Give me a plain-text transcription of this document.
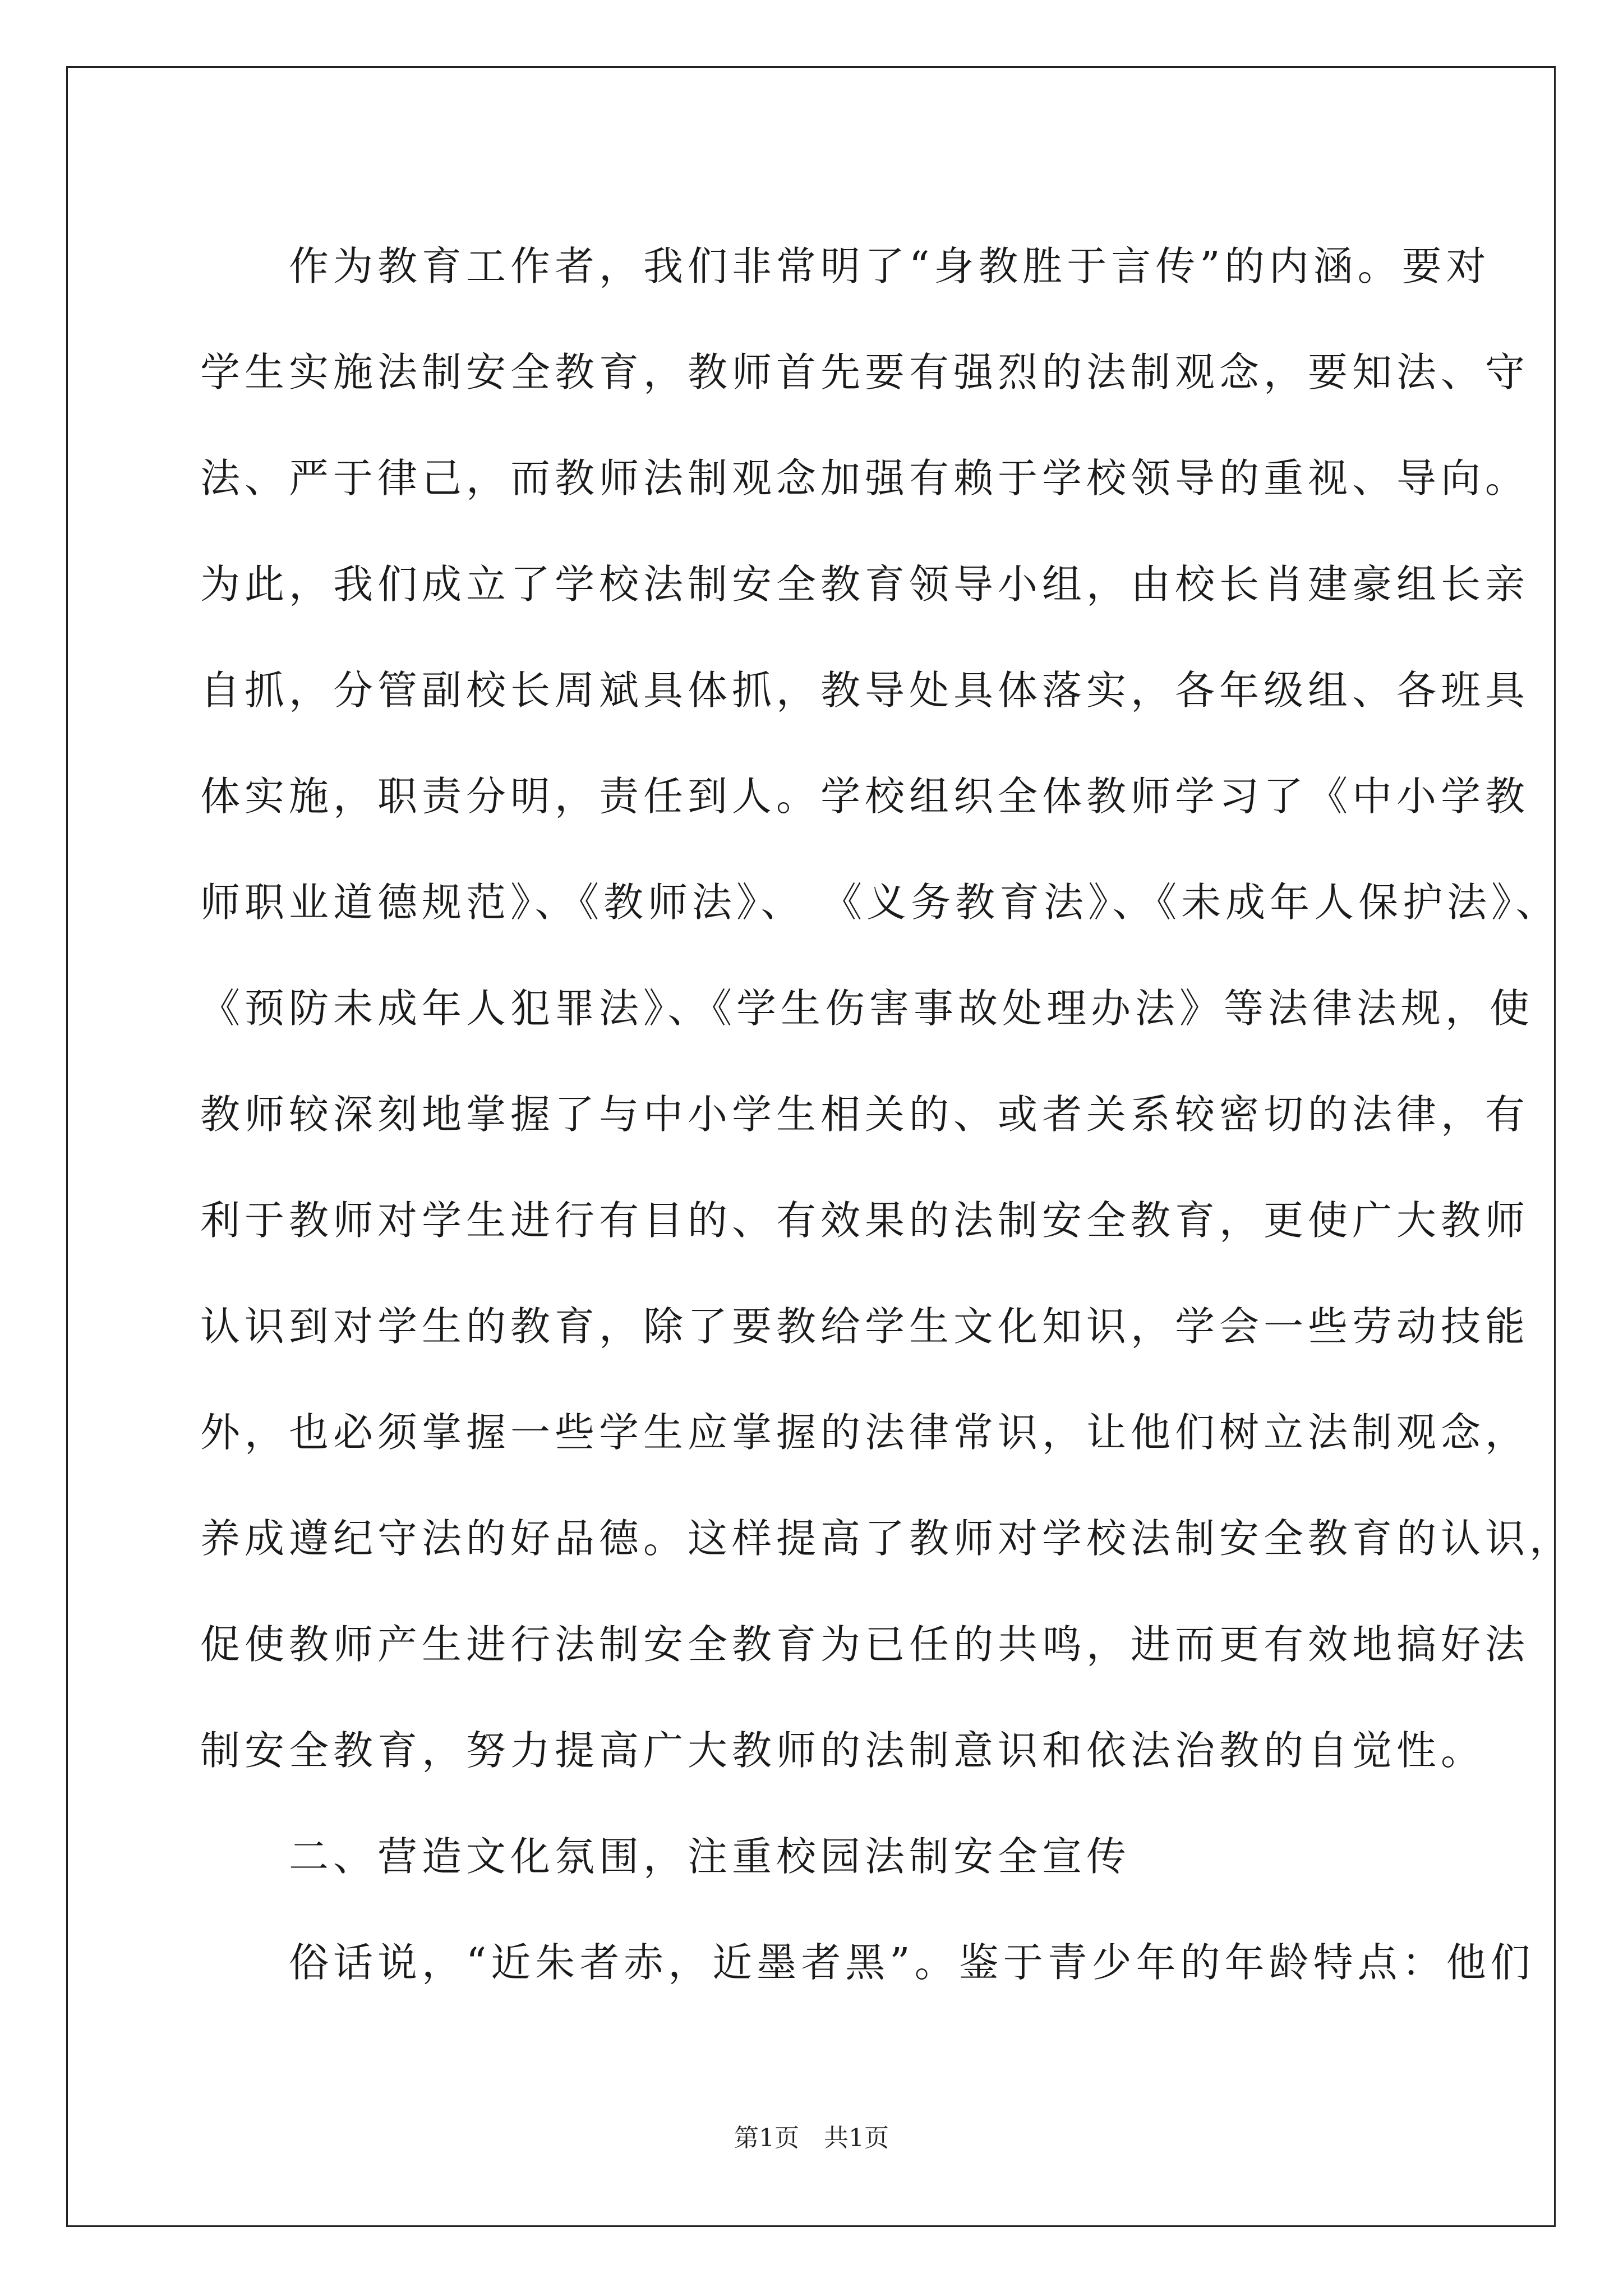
　　作为教育工作者，我们非常明了“身教胜于言传”的内涵。要对
学生实施法制安全教育，教师首先要有强烈的法制观念，要知法、守
法、严于律己，而教师法制观念加强有赖于学校领导的重视、导向。
为此，我们成立了学校法制安全教育领导小组，由校长肖建豪组长亲
自抓，分管副校长周斌具体抓，教导处具体落实，各年级组、各班具
体实施，职责分明，责任到人。学校组织全体教师学习了《中小学教
师职业道德规范》、《教师法》、 《义务教育法》、《未成年人保护法》、
《预防未成年人犯罪法》、《学生伤害事故处理办法》等法律法规，使
教师较深刻地掌握了与中小学生相关的、或者关系较密切的法律，有
利于教师对学生进行有目的、有效果的法制安全教育，更使广大教师
认识到对学生的教育，除了要教给学生文化知识，学会一些劳动技能
外，也必须掌握一些学生应掌握的法律常识，让他们树立法制观念，
养成遵纪守法的好品德。这样提高了教师对学校法制安全教育的认识，
促使教师产生进行法制安全教育为已任的共鸣，进而更有效地搞好法
制安全教育，努力提高广大教师的法制意识和依法治教的自觉性。
　　二、营造文化氛围，注重校园法制安全宣传
　　俗话说，“近朱者赤，近墨者黑”。鉴于青少年的年龄特点：他们
第1页　共1页
